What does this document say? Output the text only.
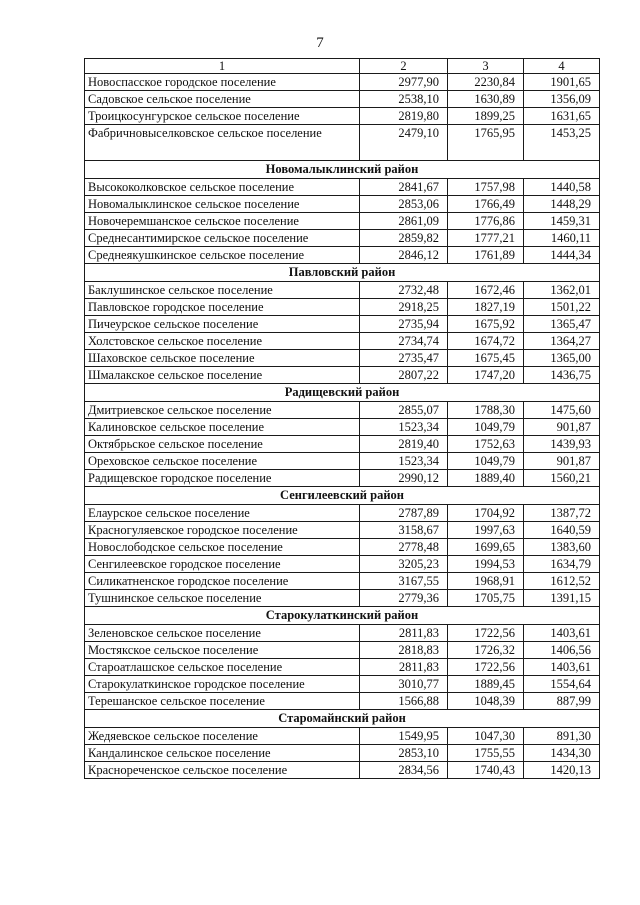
7
1	2	3	4
Новоспасское городское поселение	2977,90	2230,84	1901,65
Садовское сельское поселение	2538,10	1630,89	1356,09
Троицкосунгурское сельское поселение	2819,80	1899,25	1631,65
Фабричновыселковское сельское поселение	2479,10	1765,95	1453,25
Новомалыклинский район			
Высококолковское сельское поселение	2841,67	1757,98	1440,58
Новомалыклинское сельское поселение	2853,06	1766,49	1448,29
Новочеремшанское сельское поселение	2861,09	1776,86	1459,31
Среднесантимирское сельское поселение	2859,82	1777,21	1460,11
Среднеякушкинское сельское поселение	2846,12	1761,89	1444,34
Павловский район			
Баклушинское сельское поселение	2732,48	1672,46	1362,01
Павловское городское поселение	2918,25	1827,19	1501,22
Пичеурское сельское поселение	2735,94	1675,92	1365,47
Холстовское сельское поселение	2734,74	1674,72	1364,27
Шаховское сельское поселение	2735,47	1675,45	1365,00
Шмалакское сельское поселение	2807,22	1747,20	1436,75
Радищевский район			
Дмитриевское сельское поселение	2855,07	1788,30	1475,60
Калиновское сельское поселение	1523,34	1049,79	901,87
Октябрьское сельское поселение	2819,40	1752,63	1439,93
Ореховское сельское поселение	1523,34	1049,79	901,87
Радищевское городское поселение	2990,12	1889,40	1560,21
Сенгилеевский район			
Елаурское сельское поселение	2787,89	1704,92	1387,72
Красногуляевское городское поселение	3158,67	1997,63	1640,59
Новослободское сельское поселение	2778,48	1699,65	1383,60
Сенгилеевское городское поселение	3205,23	1994,53	1634,79
Силикатненское городское поселение	3167,55	1968,91	1612,52
Тушнинское сельское поселение	2779,36	1705,75	1391,15
Старокулаткинский район			
Зеленовское сельское поселение	2811,83	1722,56	1403,61
Мостякское сельское поселение	2818,83	1726,32	1406,56
Староатлашское сельское поселение	2811,83	1722,56	1403,61
Старокулаткинское городское поселение	3010,77	1889,45	1554,64
Терешанское сельское поселение	1566,88	1048,39	887,99
Старомайнский район			
Жедяевское сельское поселение	1549,95	1047,30	891,30
Кандалинское сельское поселение	2853,10	1755,55	1434,30
Краснореченское сельское поселение	2834,56	1740,43	1420,13
